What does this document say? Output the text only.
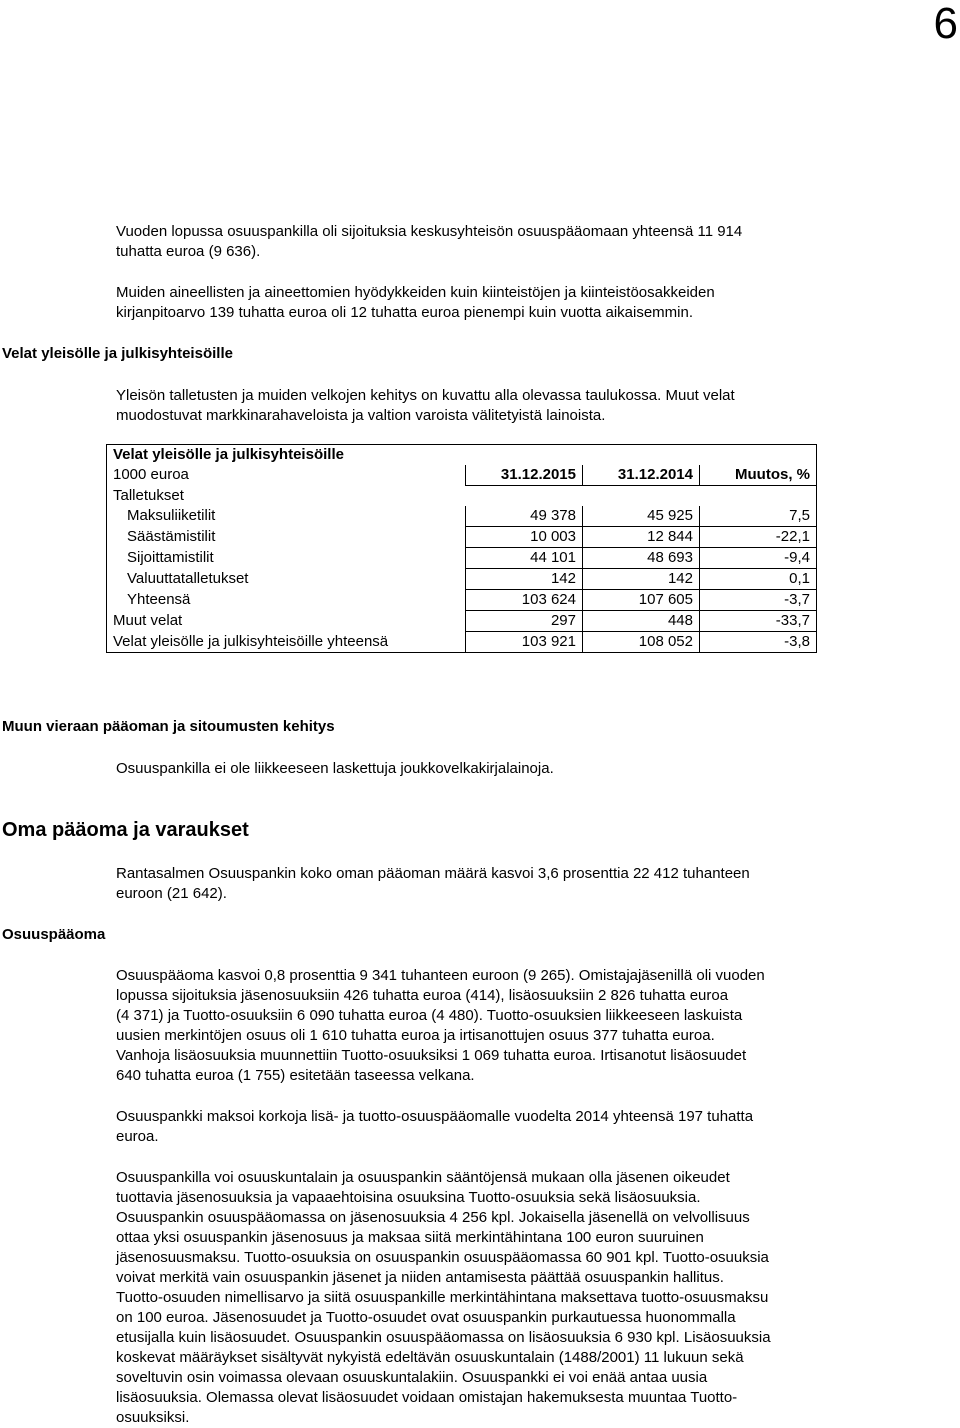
6
Vuoden lopussa osuuspankilla oli sijoituksia keskusyhteisön osuuspääomaan yhteensä 11 914
tuhatta euroa (9 636).
Muiden aineellisten ja aineettomien hyödykkeiden kuin kiinteistöjen ja kiinteistöosakkeiden
kirjanpitoarvo 139 tuhatta euroa oli 12 tuhatta euroa pienempi kuin vuotta aikaisemmin.
Velat yleisölle ja julkisyhteisöille
Yleisön talletusten ja muiden velkojen kehitys on kuvattu alla olevassa taulukossa. Muut velat
muodostuvat markkinarahaveloista ja valtion varoista välitetyistä lainoista.
Velat yleisölle ja julkisyhteisöille			
1000 euroa	31.12.2015	31.12.2014	Muutos, %
Talletukset			
Maksuliiketilit	49 378	45 925	7,5
Säästämistilit	10 003	12 844	-22,1
Sijoittamistilit	44 101	48 693	-9,4
Valuuttatalletukset	142	142	0,1
Yhteensä	103 624	107 605	-3,7
Muut velat	297	448	-33,7
Velat yleisölle ja julkisyhteisöille yhteensä	103 921	108 052	-3,8
Muun vieraan pääoman ja sitoumusten kehitys
Osuuspankilla ei ole liikkeeseen laskettuja joukkovelkakirjalainoja.
Oma pääoma ja varaukset
Rantasalmen Osuuspankin koko oman pääoman määrä kasvoi 3,6 prosenttia 22 412 tuhanteen
euroon (21 642).
Osuuspääoma
Osuuspääoma kasvoi 0,8 prosenttia 9 341 tuhanteen euroon (9 265). Omistajajäsenillä oli vuoden
lopussa sijoituksia jäsenosuuksiin 426 tuhatta euroa (414), lisäosuuksiin 2 826 tuhatta euroa
(4 371) ja Tuotto-osuuksiin 6 090 tuhatta euroa (4 480). Tuotto-osuuksien liikkeeseen laskuista
uusien merkintöjen osuus oli 1 610 tuhatta euroa ja irtisanottujen osuus 377 tuhatta euroa.
Vanhoja lisäosuuksia muunnettiin Tuotto-osuuksiksi 1 069 tuhatta euroa. Irtisanotut lisäosuudet
640 tuhatta euroa (1 755) esitetään taseessa velkana.
Osuuspankki maksoi korkoja lisä- ja tuotto-osuuspääomalle vuodelta 2014 yhteensä 197 tuhatta
euroa.
Osuuspankilla voi osuuskuntalain ja osuuspankin sääntöjensä mukaan olla jäsenen oikeudet
tuottavia jäsenosuuksia ja vapaaehtoisina osuuksina Tuotto-osuuksia sekä lisäosuuksia.
Osuuspankin osuuspääomassa on jäsenosuuksia 4 256 kpl. Jokaisella jäsenellä on velvollisuus
ottaa yksi osuuspankin jäsenosuus ja maksaa siitä merkintähintana 100 euron suuruinen
jäsenosuusmaksu. Tuotto-osuuksia on osuuspankin osuuspääomassa 60 901 kpl. Tuotto-osuuksia
voivat merkitä vain osuuspankin jäsenet ja niiden antamisesta päättää osuuspankin hallitus.
Tuotto-osuuden nimellisarvo ja siitä osuuspankille merkintähintana maksettava tuotto-osuusmaksu
on 100 euroa. Jäsenosuudet ja Tuotto-osuudet ovat osuuspankin purkautuessa huonommalla
etusijalla kuin lisäosuudet. Osuuspankin osuuspääomassa on lisäosuuksia 6 930 kpl. Lisäosuuksia
koskevat määräykset sisältyvät nykyistä edeltävän osuuskuntalain (1488/2001) 11 lukuun sekä
soveltuvin osin voimassa olevaan osuuskuntalakiin. Osuuspankki ei voi enää antaa uusia
lisäosuuksia. Olemassa olevat lisäosuudet voidaan omistajan hakemuksesta muuntaa Tuotto-
osuuksiksi.
